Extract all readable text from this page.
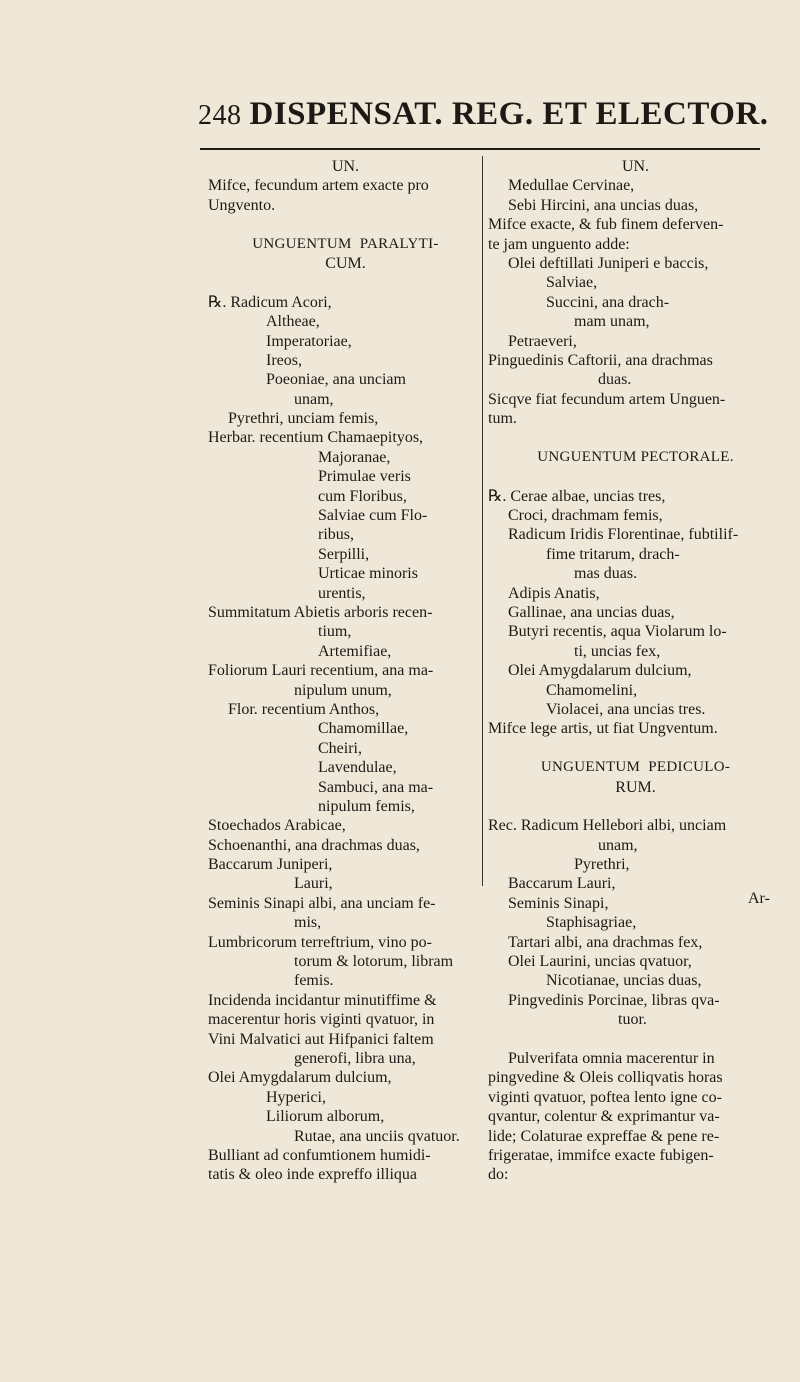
248 DISPENSAT. REG. ET ELECTOR.
UN.
Mifce, fecundum artem exacte pro
Ungvento.
UNGUENTUM  PARALYTI-
CUM.
℞. Radicum Acori,
Altheae,
Imperatoriae,
Ireos,
Poeoniae, ana unciam
unam,
Pyrethri, unciam femis,
Herbar. recentium Chamaepityos,
Majoranae,
Primulae veris
cum Floribus,
Salviae cum Flo-
ribus,
Serpilli,
Urticae minoris
urentis,
Summitatum Abietis arboris recen-
tium,
Artemifiae,
Foliorum Lauri recentium, ana ma-
nipulum unum,
Flor. recentium Anthos,
Chamomillae,
Cheiri,
Lavendulae,
Sambuci, ana ma-
nipulum femis,
Stoechados Arabicae,
Schoenanthi, ana drachmas duas,
Baccarum Juniperi,
Lauri,
Seminis Sinapi albi, ana unciam fe-
mis,
Lumbricorum terreftrium, vino po-
torum & lotorum, libram
femis.
Incidenda incidantur minutiffime &
macerentur horis viginti qvatuor, in
Vini Malvatici aut Hifpanici faltem
generofi, libra una,
Olei Amygdalarum dulcium,
Hyperici,
Liliorum alborum,
Rutae, ana unciis qvatuor.
Bulliant ad confumtionem humidi-
tatis & oleo inde expreffo illiqua
UN.
Medullae Cervinae,
Sebi Hircini, ana uncias duas,
Mifce exacte, & fub finem deferven-
te jam unguento adde:
Olei deftillati Juniperi e baccis,
Salviae,
Succini, ana drach-
mam unam,
Petraeveri,
Pinguedinis Caftorii, ana drachmas
duas.
Sicqve fiat fecundum artem Unguen-
tum.
UNGUENTUM PECTORALE.
℞. Cerae albae, uncias tres,
Croci, drachmam femis,
Radicum Iridis Florentinae, fubtilif-
fime tritarum, drach-
mas duas.
Adipis Anatis,
Gallinae, ana uncias duas,
Butyri recentis, aqua Violarum lo-
ti, uncias fex,
Olei Amygdalarum dulcium,
Chamomelini,
Violacei, ana uncias tres.
Mifce lege artis, ut fiat Ungventum.
UNGUENTUM  PEDICULO-
RUM.
Rec. Radicum Hellebori albi, unciam
unam,
Pyrethri,
Baccarum Lauri,
Seminis Sinapi,
Staphisagriae,
Tartari albi, ana drachmas fex,
Olei Laurini, uncias qvatuor,
Nicotianae, uncias duas,
Pingvedinis Porcinae, libras qva-
tuor.
Pulverifata omnia macerentur in
pingvedine & Oleis colliqvatis horas
viginti qvatuor, poftea lento igne co-
qvantur, colentur & exprimantur va-
lide; Colaturae expreffae & pene re-
frigeratae, immifce exacte fubigen-
do:
Ar-
